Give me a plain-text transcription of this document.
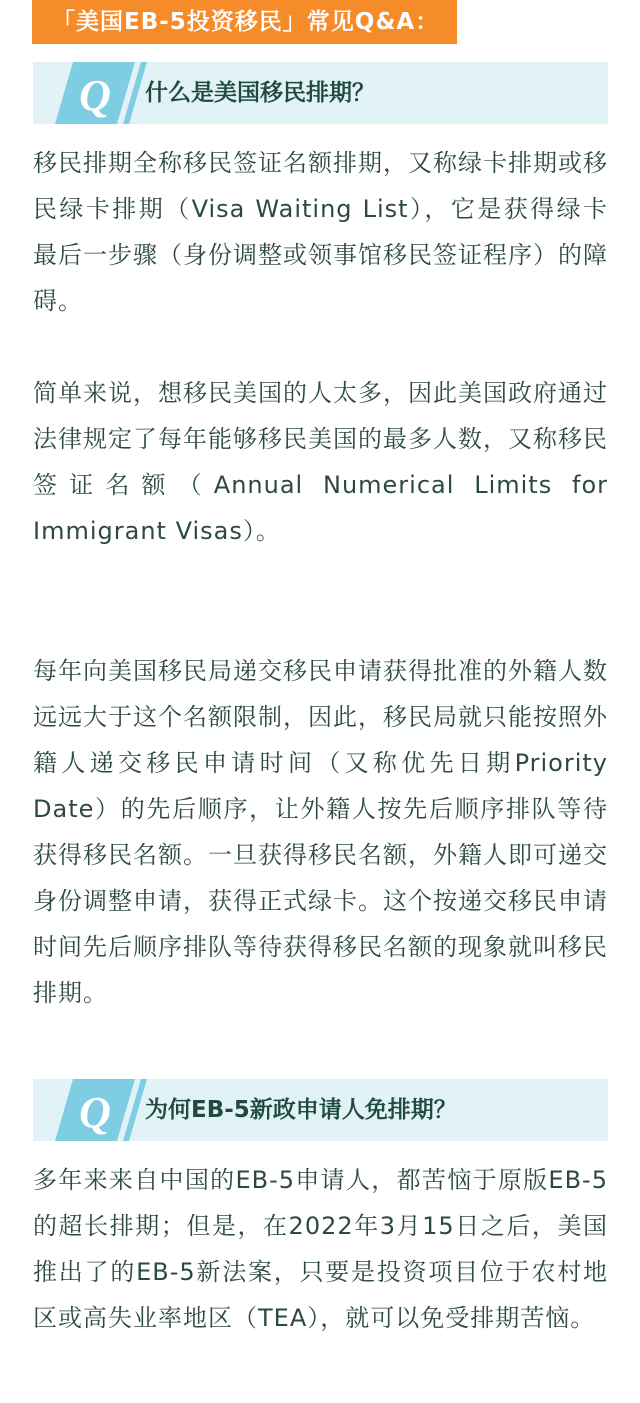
「美国EB-5投资移民」常见Q&A：
Q 什么是美国移民排期？

移民排期全称移民签证名额排期，又称绿卡排期或移民绿卡排期（Visa Waiting List），它是获得绿卡最后一步骤（身份调整或领事馆移民签证程序）的障碍。

简单来说，想移民美国的人太多，因此美国政府通过法律规定了每年能够移民美国的最多人数，又称移民签证名额（Annual Numerical Limits for Immigrant Visas）。

每年向美国移民局递交移民申请获得批准的外籍人数远远大于这个名额限制，因此，移民局就只能按照外籍人递交移民申请时间（又称优先日期Priority Date）的先后顺序，让外籍人按先后顺序排队等待获得移民名额。一旦获得移民名额，外籍人即可递交身份调整申请，获得正式绿卡。这个按递交移民申请时间先后顺序排队等待获得移民名额的现象就叫移民排期。

Q 为何EB-5新政申请人免排期？

多年来来自中国的EB-5申请人，都苦恼于原版EB-5的超长排期；但是，在2022年3月15日之后，美国推出了的EB-5新法案，只要是投资项目位于农村地区或高失业率地区（TEA），就可以免受排期苦恼。
